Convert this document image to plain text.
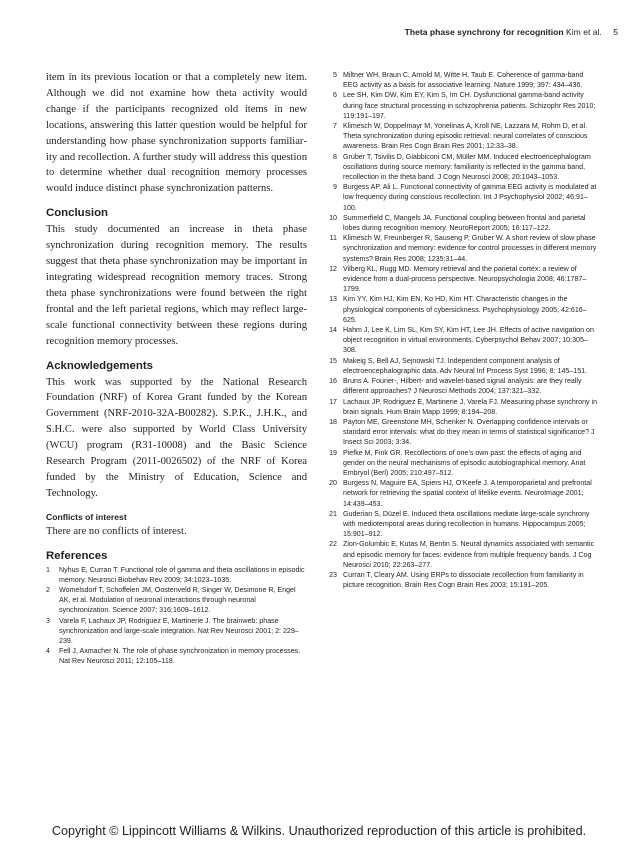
Theta phase synchrony for recognition Kim et al. 5

item in its previous location or that a completely new item. Although we did not examine how theta activity would change if the participants recognized old items in new locations, answering this latter question would be helpful for understanding how phase synchronization supports familiarity and recollection. A further study will address this question to determine whether dual recognition memory processes would induce distinct phase synchronization patterns.

Conclusion

This study documented an increase in theta phase synchronization during recognition memory. The results suggest that theta phase synchronization may be important in integrating widespread recognition memory traces. Strong theta phase synchronizations were found between the right frontal and the left parietal regions, which may reflect large-scale functional connectivity between these regions during recognition memory processes.

Acknowledgements

This work was supported by the National Research Foundation (NRF) of Korea Grant funded by the Korean Government (NRF-2010-32A-B00282). S.P.K., J.H.K., and S.H.C. were also supported by World Class University (WCU) program (R31-10008) and the Basic Science Research Program (2011-0026502) of the NRF of Korea funded by the Ministry of Education, Science and Technology.

Conflicts of interest

There are no conflicts of interest.

References
1	Nyhus E, Curran T. Functional role of gamma and theta oscillations in episodic memory. Neurosci Biobehav Rev 2009; 34:1023–1035.
2	Womelsdorf T, Schoffelen JM, Oostenveld R, Singer W, Desimone R, Engel AK, et al. Modulation of neuronal interactions through neuronal synchronization. Science 2007; 316:1609–1612.
3	Varela F, Lachaux JP, Rodriguez E, Martinerie J. The brainweb: phase synchronization and large-scale integration. Nat Rev Neurosci 2001; 2: 229–239.
4	Fell J, Axmacher N. The role of phase synchronization in memory processes. Nat Rev Neurosci 2011; 12:105–118.
5 Miltner WH, Braun C, Arnold M, Witte H, Taub E. Coherence of gamma-band EEG activity as a basis for associative learning. Nature 1999; 397: 434–436.
6 Lee SH, Kim DW, Kim EY, Kim S, Im CH. Dysfunctional gamma-band activity during face structural processing in schizophrenia patients. Schizophr Res 2010; 119:191–197.
7 Klimesch W, Doppelmayr M, Yonelinas A, Kroll NE, Lazzara M, Rohm D, et al. Theta synchronization during episodic retrieval: neural correlates of conscious awareness. Brain Res Cogn Brain Res 2001; 12:33–38.
8 Gruber T, Tsivilis D, Giabbiconi CM, Müller MM. Induced electroencephalogram oscillations during source memory: familiarity is reflected in the gamma band, recollection in the theta band. J Cogn Neurosci 2008; 20:1043–1053.
9 Burgess AP, Ali L. Functional connectivity of gamma EEG activity is modulated at low frequency during conscious recollection. Int J Psychophysiol 2002; 46:91–100.
10 Summerfield C, Mangels JA. Functional coupling between frontal and parietal lobes during recognition memory. NeuroReport 2005; 16:117–122.
11 Klimesch W, Freunberger R, Sauseng P, Gruber W. A short review of slow phase synchronization and memory: evidence for control processes in different memory systems? Brain Res 2008; 1235:31–44.
12 Vilberg KL, Rugg MD. Memory retrieval and the parietal cortex: a review of evidence from a dual-process perspective. Neuropsychologia 2008; 46:1787–1799.
13 Kim YY, Kim HJ, Kim EN, Ko HD, Kim HT. Characteristic changes in the physiological components of cybersickness. Psychophysiology 2005; 42:616–625.
14 Hahm J, Lee K, Lim SL, Kim SY, Kim HT, Lee JH. Effects of active navigation on object recognition in virtual environments. Cyberpsychol Behav 2007; 10:305–308.
15 Makeig S, Bell AJ, Sejnowski TJ. Independent component analysis of electroencephalographic data. Adv Neural Inf Process Syst 1996; 8: 145–151.
16 Bruns A. Fourier-, Hilbert- and wavelet-based signal analysis: are they really different approaches? J Neurosci Methods 2004; 137:321–332.
17 Lachaux JP, Rodriguez E, Martinerie J, Varela FJ. Measuring phase synchrony in brain signals. Hum Brain Mapp 1999; 8:194–208.
18 Payton ME, Greenstone MH, Schenker N. Overlapping confidence intervals or standard error intervals: what do they mean in terms of statistical significance? J Insect Sci 2003; 3:34.
19 Piefke M, Fink GR. Recollections of one’s own past: the effects of aging and gender on the neural mechanisms of episodic autobiographical memory. Anat Embryol (Berl) 2005; 210:497–512.
20 Burgess N, Maguire EA, Spiers HJ, O’Keefe J. A temporoparietal and prefrontal network for retrieving the spatial context of lifelike events. NeuroImage 2001; 14:439–453.
21 Guderian S, Düzel E. Induced theta oscillations mediate large-scale synchrony with mediotemporal areas during recollection in humans. Hippocampus 2005; 15:901–912.
22 Zion-Golumbic E, Kutas M, Bentin S. Neural dynamics associated with semantic and episodic memory for faces: evidence from multiple frequency bands. J Cog Neurosci 2010; 22:263–277.
23 Curran T, Cleary AM. Using ERPs to dissociate recollection from familiarity in picture recognition. Brain Res Cogn Brain Res 2003; 15:191–205.
Copyright © Lippincott Williams & Wilkins. Unauthorized reproduction of this article is prohibited.
